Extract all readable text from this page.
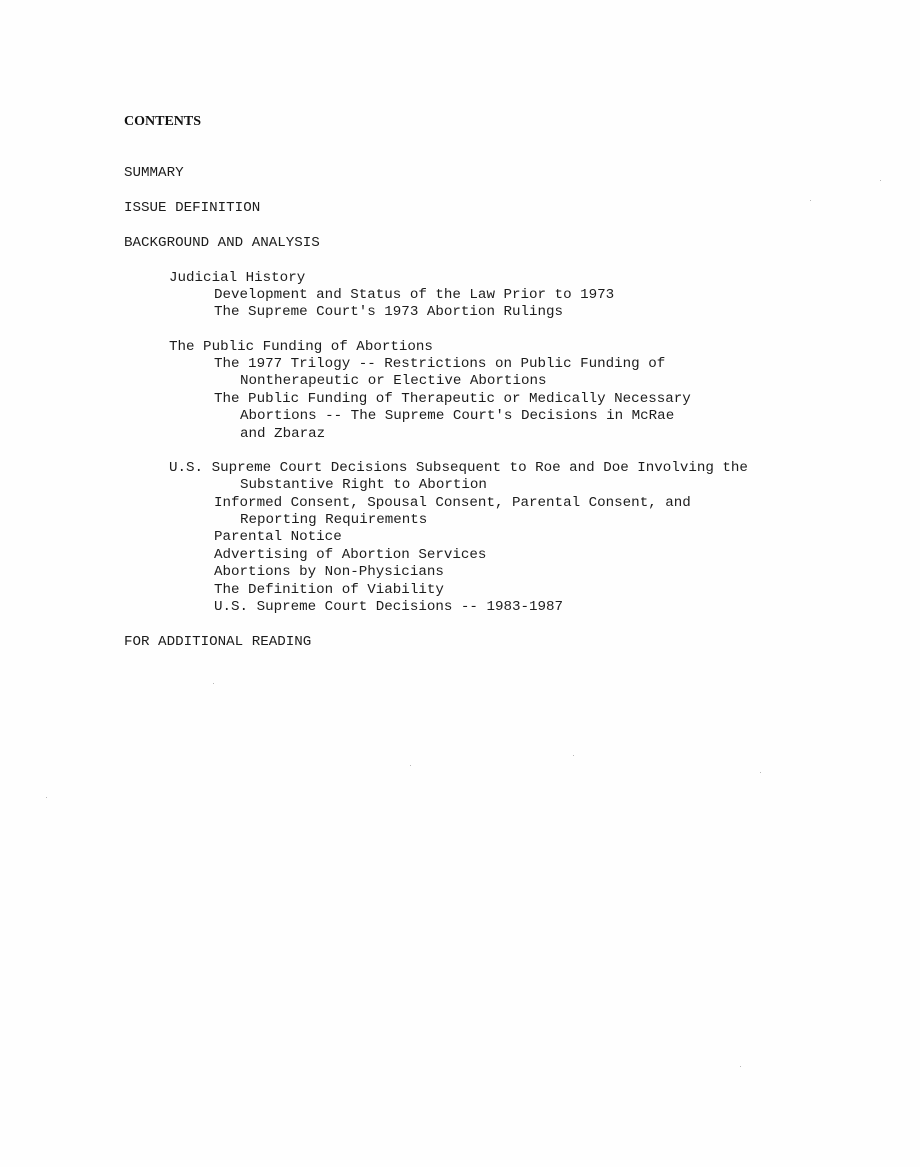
CONTENTS
SUMMARY
ISSUE DEFINITION
BACKGROUND AND ANALYSIS
Judicial History
Development and Status of the Law Prior to 1973
The Supreme Court's 1973 Abortion Rulings
The Public Funding of Abortions
The 1977 Trilogy -- Restrictions on Public Funding of
Nontherapeutic or Elective Abortions
The Public Funding of Therapeutic or Medically Necessary
Abortions -- The Supreme Court's Decisions in McRae
and Zbaraz
U.S. Supreme Court Decisions Subsequent to Roe and Doe Involving the
Substantive Right to Abortion
Informed Consent, Spousal Consent, Parental Consent, and
Reporting Requirements
Parental Notice
Advertising of Abortion Services
Abortions by Non-Physicians
The Definition of Viability
U.S. Supreme Court Decisions -- 1983-1987
FOR ADDITIONAL READING
